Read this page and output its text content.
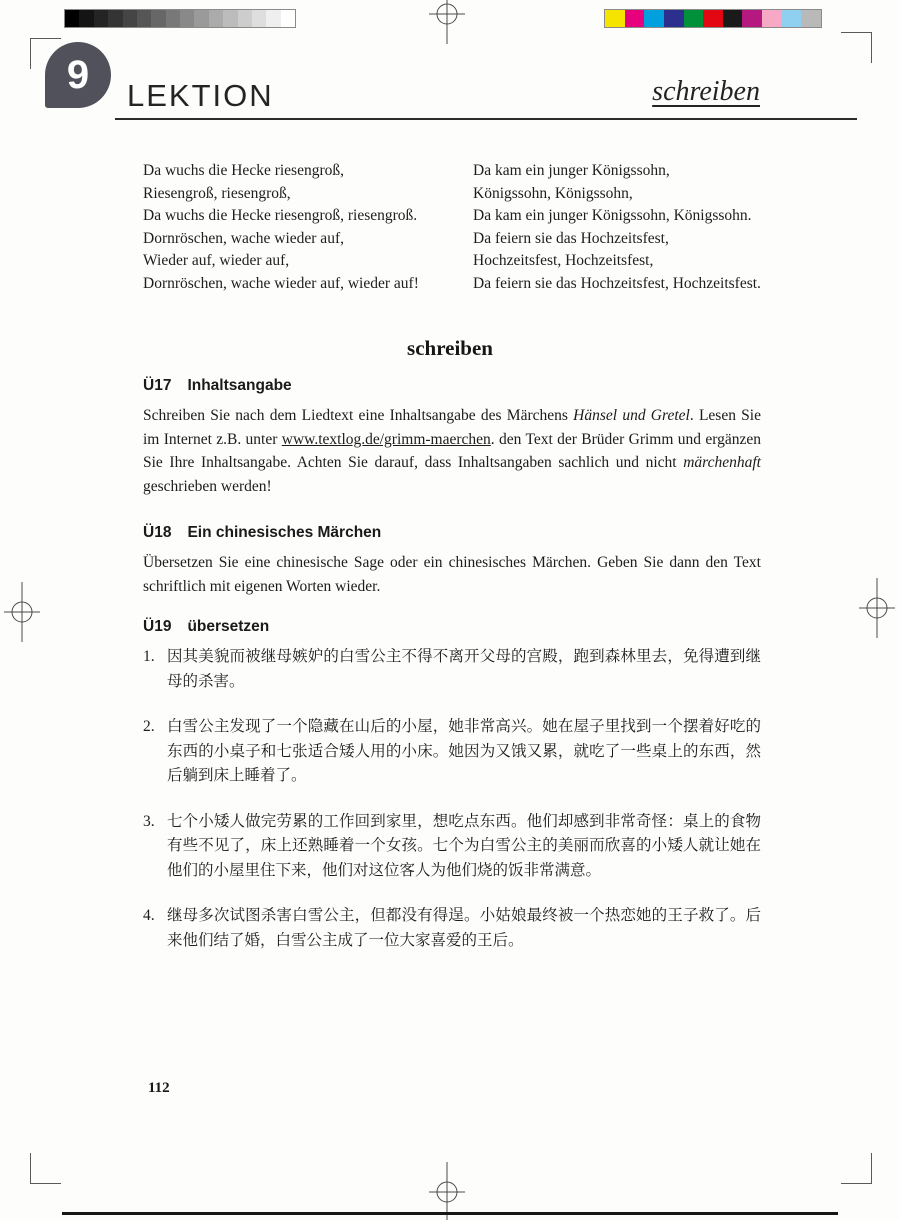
9 LEKTION	schreiben
Da wuchs die Hecke riesengroß,
Riesengroß, riesengroß,
Da wuchs die Hecke riesengroß, riesengroß.
Dornröschen, wache wieder auf,
Wieder auf, wieder auf,
Dornröschen, wache wieder auf, wieder auf!
Da kam ein junger Königssohn,
Königssohn, Königssohn,
Da kam ein junger Königssohn, Königssohn.
Da feiern sie das Hochzeitsfest,
Hochzeitsfest, Hochzeitsfest,
Da feiern sie das Hochzeitsfest, Hochzeitsfest.
schreiben
Ü17 Inhaltsangabe

Schreiben Sie nach dem Liedtext eine Inhaltsangabe des Märchens Hänsel und Gretel. Lesen Sie im Internet z.B. unter www.textlog.de/grimm-maerchen. den Text der Brüder Grimm und ergänzen Sie Ihre Inhaltsangabe. Achten Sie darauf, dass Inhaltsangaben sachlich und nicht märchenhaft geschrieben werden!

Ü18 Ein chinesisches Märchen

Übersetzen Sie eine chinesische Sage oder ein chinesisches Märchen. Geben Sie dann den Text schriftlich mit eigenen Worten wieder.

Ü19 übersetzen
1. 因其美貌而被继母嫉妒的白雪公主不得不离开父母的宫殿，跑到森林里去，免得遭到继母的杀害。
2. 白雪公主发现了一个隐藏在山后的小屋，她非常高兴。她在屋子里找到一个摆着好吃的东西的小桌子和七张适合矮人用的小床。她因为又饿又累，就吃了一些桌上的东西，然后躺到床上睡着了。
3. 七个小矮人做完劳累的工作回到家里，想吃点东西。他们却感到非常奇怪：桌上的食物有些不见了，床上还熟睡着一个女孩。七个为白雪公主的美丽而欣喜的小矮人就让她在他们的小屋里住下来，他们对这位客人为他们烧的饭非常满意。
4. 继母多次试图杀害白雪公主，但都没有得逞。小姑娘最终被一个热恋她的王子救了。后来他们结了婚，白雪公主成了一位大家喜爱的王后。
112
